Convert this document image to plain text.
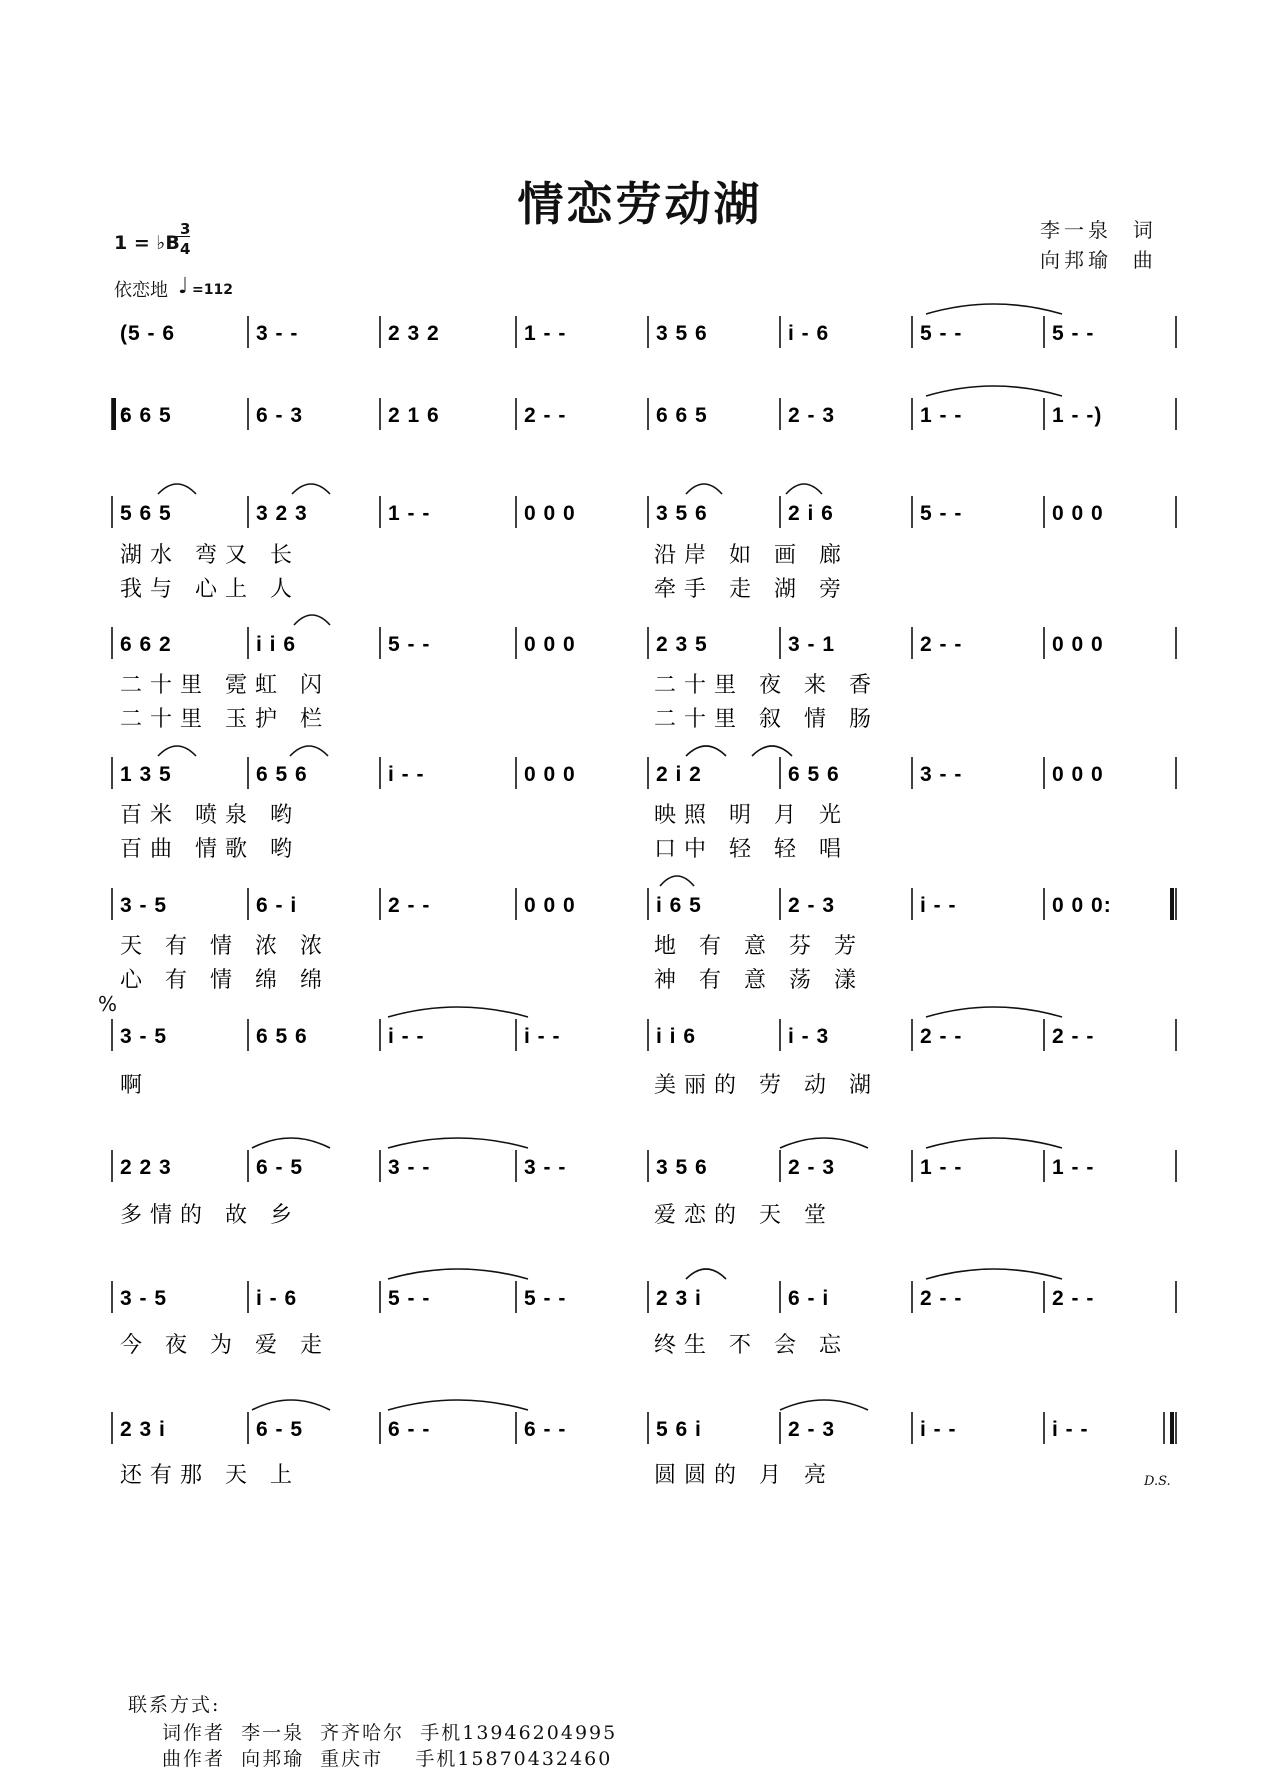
情恋劳动湖	李一泉  词
向邦瑜  曲
1 = ♭B
3
4
依恋地 ♩ =112
(5 - 6	3 - -	2 3 2	1 - -	3 5 6	i - 6	5 - -	5 - -
6 6 5	6 - 3	2 1 6	2 - -	6 6 5	2 - 3	1 - -	1 - -)
5 6 5	3 2 3	1 - -	0 0 0	3 5 6	2 i 6	5 - -	0 0 0
湖水 弯又 长	沿岸 如 画 廊
我与 心上 人	牵手 走 湖 旁
6 6 2	i i 6	5 - -	0 0 0	2 3 5	3 - 1	2 - -	0 0 0
二十里 霓虹 闪	二十里 夜 来 香
二十里 玉护 栏	二十里 叙 情 肠
1 3 5	6 5 6	i - -	0 0 0	2 i 2	6 5 6	3 - -	0 0 0
百米 喷泉 哟	映照 明 月 光
百曲 情歌 哟	口中 轻 轻 唱
3 - 5	6 - i	2 - -	0 0 0	i 6 5	2 - 3	i - -	0 0 0:
天 有 情 浓 浓	地 有 意 芬 芳
心 有 情 绵 绵	神 有 意 荡 漾
3 - 5	6 5 6	i - -	i - -	i i 6	i - 3	2 - -	2 - -
啊	美丽的 劳 动 湖
2 2 3	6 - 5	3 - -	3 - -	3 5 6	2 - 3	1 - -	1 - -
多情的 故 乡	爱恋的 天 堂
3 - 5	i - 6	5 - -	5 - -	2 3 i	6 - i	2 - -	2 - -
今 夜 为 爱 走	终生 不 会 忘
2 3 i	6 - 5	6 - -	6 - -	5 6 i	2 - 3	i - -	i - -
还有那 天 上	圆圆的 月 亮	D.S.
%
联系方式:
词作者  李一泉  齐齐哈尔  手机13946204995
曲作者  向邦瑜  重庆市    手机15870432460
